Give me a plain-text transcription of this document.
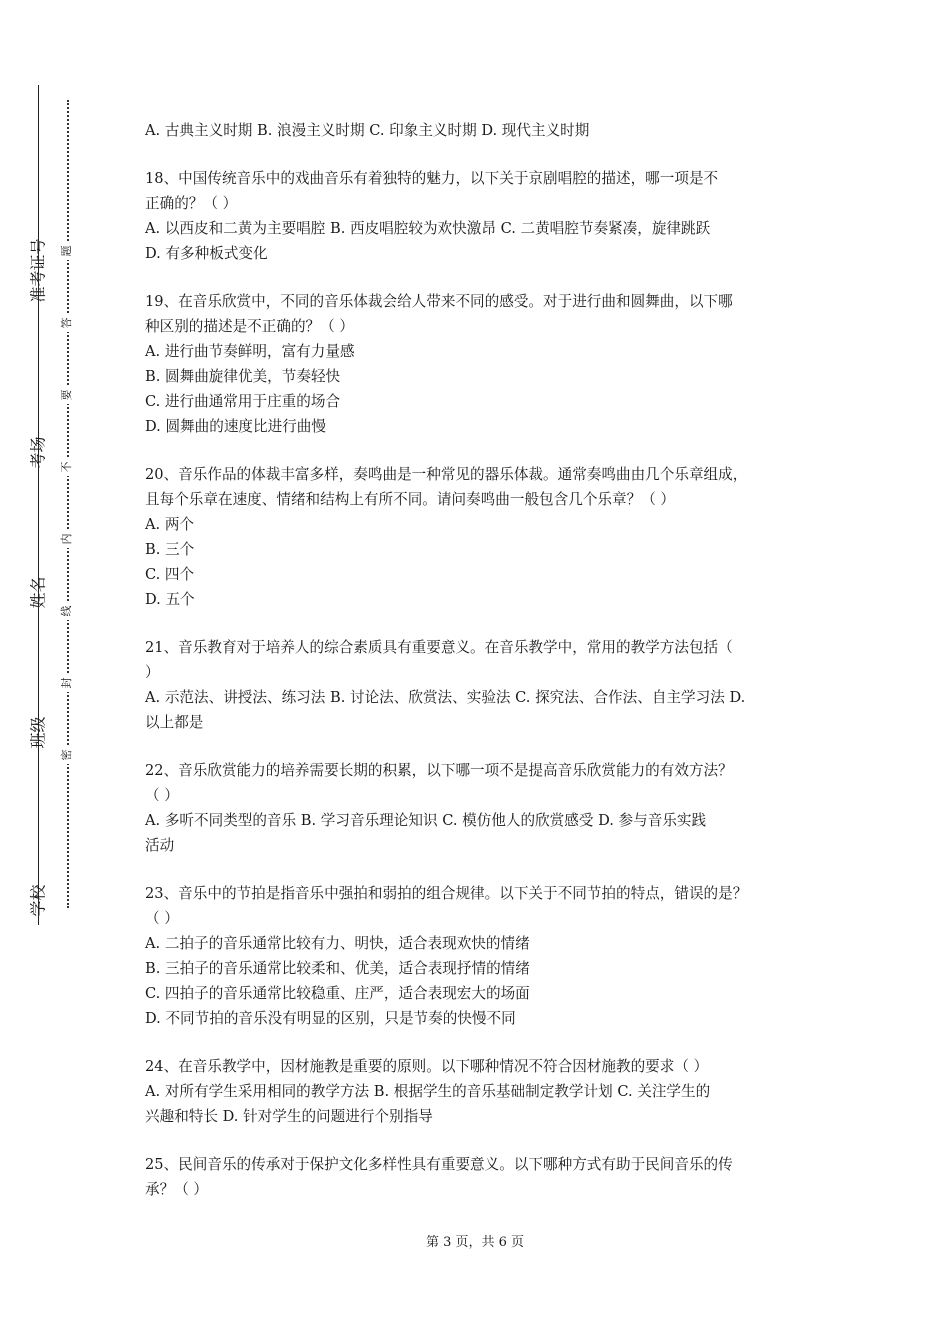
准考证号
考场
姓名
班级
学校
题
答
要
不
内
线
封
密

A. 古典主义时期 B. 浪漫主义时期 C. 印象主义时期 D. 现代主义时期

18、中国传统音乐中的戏曲音乐有着独特的魅力，以下关于京剧唱腔的描述，哪一项是不

正确的？（ ）

A. 以西皮和二黄为主要唱腔 B. 西皮唱腔较为欢快激昂 C. 二黄唱腔节奏紧凑，旋律跳跃

D. 有多种板式变化

19、在音乐欣赏中，不同的音乐体裁会给人带来不同的感受。对于进行曲和圆舞曲，以下哪

种区别的描述是不正确的？（ ）

A. 进行曲节奏鲜明，富有力量感

B. 圆舞曲旋律优美，节奏轻快

C. 进行曲通常用于庄重的场合

D. 圆舞曲的速度比进行曲慢

20、音乐作品的体裁丰富多样，奏鸣曲是一种常见的器乐体裁。通常奏鸣曲由几个乐章组成，

且每个乐章在速度、情绪和结构上有所不同。请问奏鸣曲一般包含几个乐章？（ ）

A. 两个

B. 三个

C. 四个

D. 五个

21、音乐教育对于培养人的综合素质具有重要意义。在音乐教学中，常用的教学方法包括（

）

A. 示范法、讲授法、练习法 B. 讨论法、欣赏法、实验法 C. 探究法、合作法、自主学习法 D.

以上都是

22、音乐欣赏能力的培养需要长期的积累，以下哪一项不是提高音乐欣赏能力的有效方法？

（ ）

A. 多听不同类型的音乐 B. 学习音乐理论知识 C. 模仿他人的欣赏感受 D. 参与音乐实践

活动

23、音乐中的节拍是指音乐中强拍和弱拍的组合规律。以下关于不同节拍的特点，错误的是？

（ ）

A. 二拍子的音乐通常比较有力、明快，适合表现欢快的情绪

B. 三拍子的音乐通常比较柔和、优美，适合表现抒情的情绪

C. 四拍子的音乐通常比较稳重、庄严，适合表现宏大的场面

D. 不同节拍的音乐没有明显的区别，只是节奏的快慢不同

24、在音乐教学中，因材施教是重要的原则。以下哪种情况不符合因材施教的要求（ ）

A. 对所有学生采用相同的教学方法 B. 根据学生的音乐基础制定教学计划 C. 关注学生的

兴趣和特长 D. 针对学生的问题进行个别指导

25、民间音乐的传承对于保护文化多样性具有重要意义。以下哪种方式有助于民间音乐的传

承？（ ）

第 3 页，共 6 页
